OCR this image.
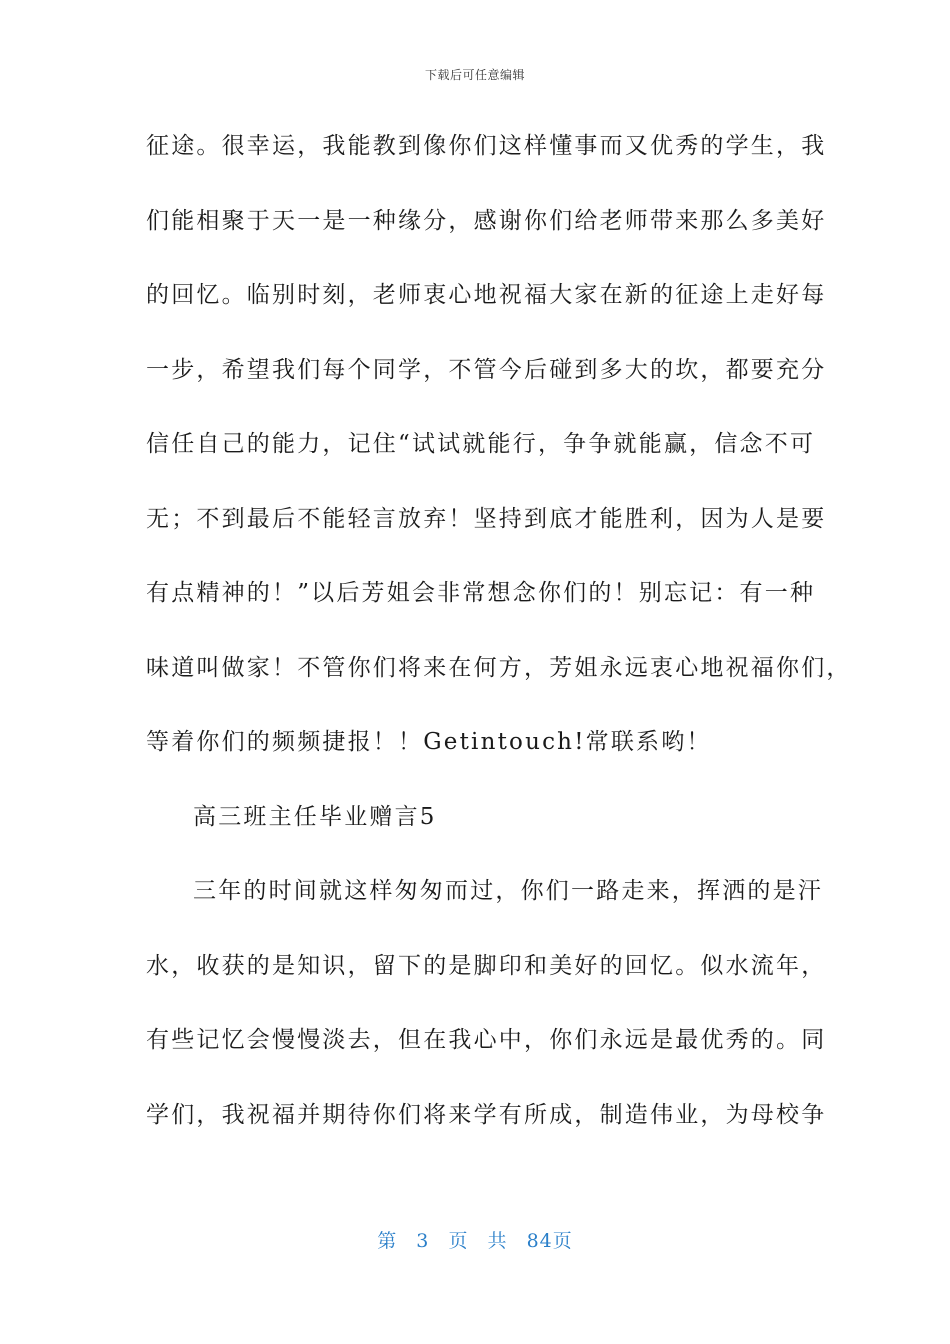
下载后可任意编辑
征途。很幸运，我能教到像你们这样懂事而又优秀的学生，我
们能相聚于天一是一种缘分，感谢你们给老师带来那么多美好
的回忆。临别时刻，老师衷心地祝福大家在新的征途上走好每
一步，希望我们每个同学，不管今后碰到多大的坎，都要充分
信任自己的能力，记住“试试就能行，争争就能赢，信念不可
无；不到最后不能轻言放弃！坚持到底才能胜利，因为人是要
有点精神的！”以后芳姐会非常想念你们的！别忘记：有一种
味道叫做家！不管你们将来在何方，芳姐永远衷心地祝福你们，
等着你们的频频捷报！！Getintouch!常联系哟！
高三班主任毕业赠言5
三年的时间就这样匆匆而过，你们一路走来，挥洒的是汗
水，收获的是知识，留下的是脚印和美好的回忆。似水流年，
有些记忆会慢慢淡去，但在我心中，你们永远是最优秀的。同
学们，我祝福并期待你们将来学有所成，制造伟业，为母校争
第 3 页 共 84页
